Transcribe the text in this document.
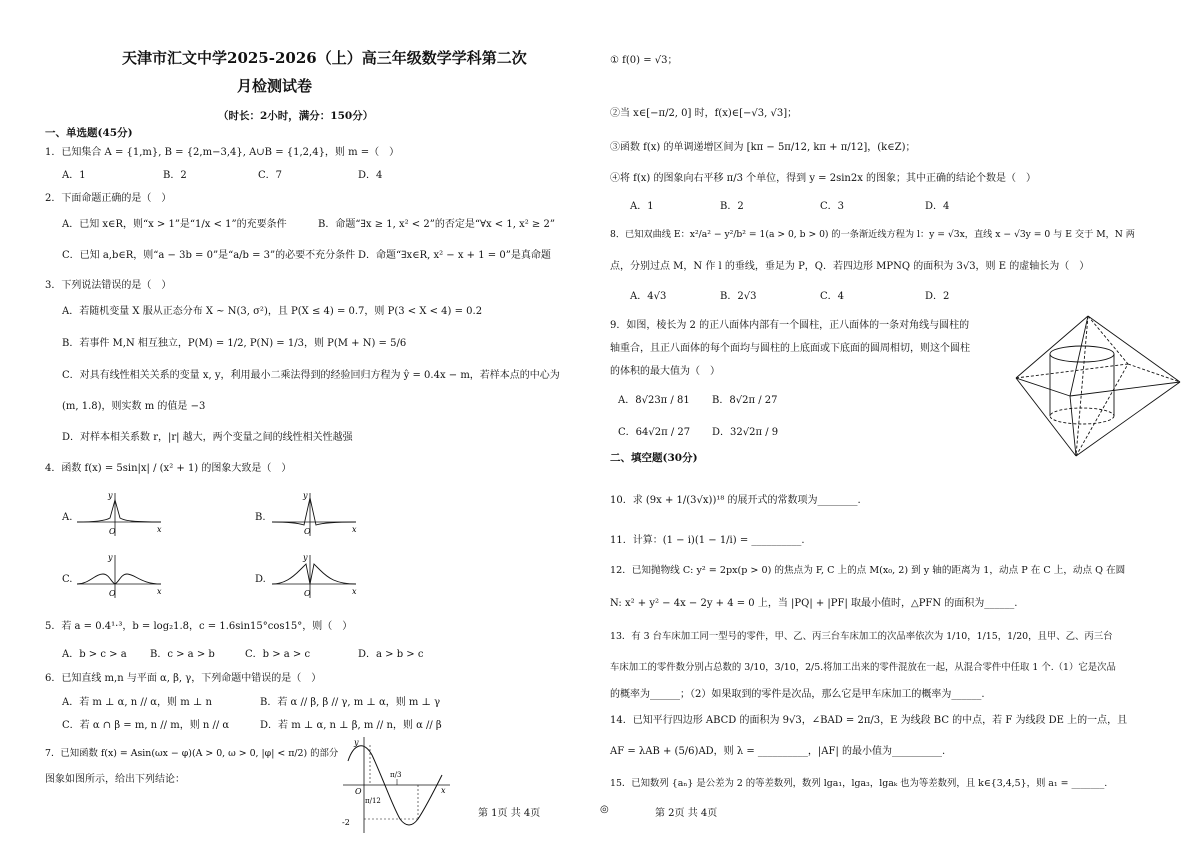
天津市汇文中学2025-2026（上）高三年级数学学科第二次
月检测试卷
（时长：2小时，满分：150分）
一、单选题(45分)
1．已知集合 A = {1,m}, B = {2,m−3,4}, A∪B = {1,2,4}，则 m =（　）
A．1	B．2	C．7	D．4
2．下面命题正确的是（　）
A．已知 x∈R，则“x > 1”是“1/x < 1”的充要条件	B．命题“∃x ≥ 1, x² < 2”的否定是“∀x < 1, x² ≥ 2”
C．已知 a,b∈R，则“a − 3b = 0”是“a/b = 3”的必要不充分条件 D．命题“∃x∈R, x² − x + 1 = 0”是真命题
3．下列说法错误的是（　）
A．若随机变量 X 服从正态分布 X ~ N(3, σ²)，且 P(X ≤ 4) = 0.7，则 P(3 < X < 4) = 0.2
B．若事件 M,N 相互独立，P(M) = 1/2, P(N) = 1/3，则 P(M + N) = 5/6
C．对具有线性相关关系的变量 x, y，利用最小二乘法得到的经验回归方程为 ŷ = 0.4x − m，若样本点的中心为
(m, 1.8)，则实数 m 的值是 −3
D．对样本相关系数 r，|r| 越大，两个变量之间的线性相关性越强
4．函数 f(x) = 5sin|x| / (x² + 1) 的图象大致是（　）
A.
O	x
y
B.
O	x
y
C.
O	x
y
D.
O	x
y
5．若 a = 0.4¹·³，b = log₂1.8，c = 1.6sin15°cos15°，则（　）
A．b > c > a B．c > a > b	C．b > a > c	D．a > b > c
6．已知直线 m,n 与平面 α, β, γ，下列命题中错误的是（　）
A．若 m ⊥ α, n // α，则 m ⊥ n	B．若 α // β, β // γ, m ⊥ α，则 m ⊥ γ
C．若 α ∩ β = m, n // m，则 n // α	D．若 m ⊥ α, n ⊥ β, m // n，则 α // β
7．已知函数 f(x) = Asin(ωx − φ)(A > 0, ω > 0, |φ| < π/2) 的部分
图象如图所示，给出下列结论：
y
x
O
-2
π/12
π/3
第 1页 共 4页
① f(0) = √3；
②当 x∈[−π/2, 0] 时，f(x)∈[−√3, √3]；
③函数 f(x) 的单调递增区间为 [kπ − 5π/12, kπ + π/12]，(k∈Z)；
④将 f(x) 的图象向右平移 π/3 个单位，得到 y = 2sin2x 的图象；其中正确的结论个数是（　）
A．1	B．2	C．3	D．4
8．已知双曲线 E：x²/a² − y²/b² = 1(a > 0, b > 0) 的一条渐近线方程为 l：y = √3x，直线 x − √3y = 0 与 E 交于 M，N 两
点，分别过点 M，N 作 l 的垂线，垂足为 P，Q．若四边形 MPNQ 的面积为 3√3，则 E 的虚轴长为（　）
A．4√3	B．2√3	C．4	D．2
9．如图，棱长为 2 的正八面体内部有一个圆柱，正八面体的一条对角线与圆柱的
轴重合，且正八面体的每个面均与圆柱的上底面或下底面的圆周相切，则这个圆柱
的体积的最大值为（　）
A．8√23π / 81 B．8√2π / 27
C．64√2π / 27 D．32√2π / 9
二、填空题(30分)
10．求 (9x + 1/(3√x))¹⁸ 的展开式的常数项为________.
11．计算：(1 − i)(1 − 1/i) = __________.
12．已知抛物线 C: y² = 2px(p > 0) 的焦点为 F, C 上的点 M(x₀, 2) 到 y 轴的距离为 1，动点 P 在 C 上，动点 Q 在圆
N: x² + y² − 4x − 2y + 4 = 0 上，当 |PQ| + |PF| 取最小值时，△PFN 的面积为______.
13．有 3 台车床加工同一型号的零件，甲、乙、丙三台车床加工的次品率依次为 1/10，1/15，1/20，且甲、乙、丙三台
车床加工的零件数分别占总数的 3/10，3/10，2/5.将加工出来的零件混放在一起，从混合零件中任取 1 个.（1）它是次品
的概率为______；（2）如果取到的零件是次品，那么它是甲车床加工的概率为______.
14．已知平行四边形 ABCD 的面积为 9√3，∠BAD = 2π/3，E 为线段 BC 的中点，若 F 为线段 DE 上的一点，且
AF = λAB + (5/6)AD，则 λ = __________，|AF| 的最小值为__________.
15．已知数列 {aₙ} 是公差为 2 的等差数列，数列 lga₁，lga₃，lgaₖ 也为等差数列，且 k∈{3,4,5}，则 a₁ = _______.
◎	第 2页 共 4页
